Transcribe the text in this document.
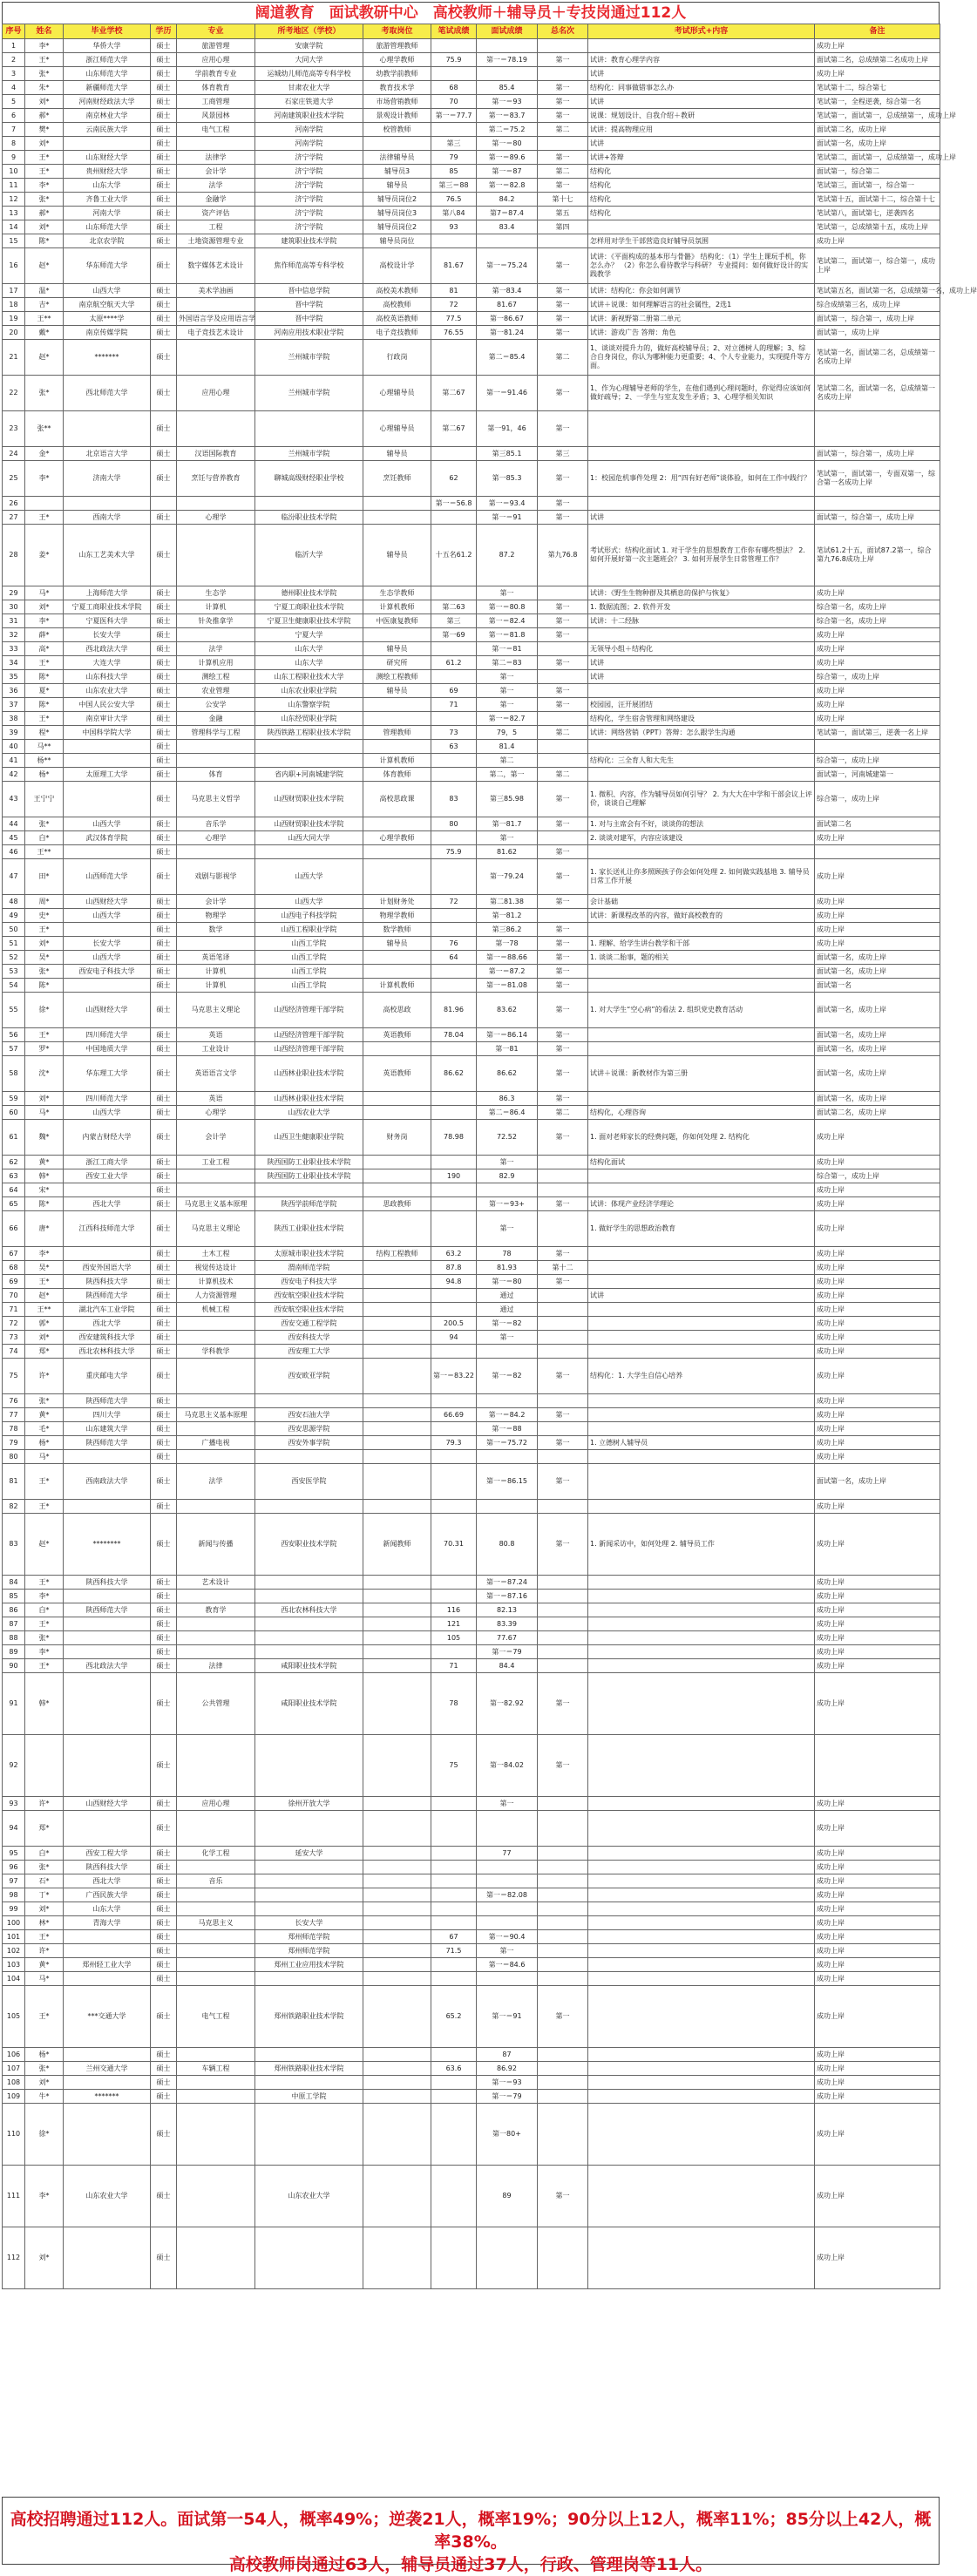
阔道教育　面试教研中心　高校教师＋辅导员＋专技岗通过112人
序号	姓名	毕业学校	学历	专业	所考地区（学校）	考取岗位	笔试成绩	面试成绩	总名次	考试形式+内容	备注
1	李*	华侨大学	硕士	旅游管理	安康学院	旅游管理教师					成功上岸
2	王*	浙江师范大学	硕士	应用心理	大同大学	心理学教师	75.9	第一＝78.19	第一	试讲：教育心理学内容	面试第二名，总成绩第二名成功上岸
3	张*	山东师范大学	硕士	学前教育专业	运城幼儿师范高等专科学校	幼教学前教师				试讲	成功上岸
4	朱*	新疆师范大学	硕士	体育教育	甘肃农业大学	教育技术学	68	85.4	第一	结构化：同事做错事怎么办	笔试第十二，综合第七
5	刘*	河南财经政法大学	硕士	工商管理	石家庄铁道大学	市场营销教师	70	第一＝93	第一	试讲	笔试第一，全程逆袭，综合第一名
6	郝*	南京林业大学	硕士	风景园林	河南建筑职业技术学院	景观设计教师	第一＝77.7	第一＝83.7	第一	说课：规划设计、自我介绍＋教研	笔试第一，面试第一，总成绩第一，成功上岸
7	樊*	云南民族大学	硕士	电气工程	河南学院	校管教师		第二＝75.2	第二	试讲：提高物理应用	面试第二名，成功上岸
8	刘*		硕士		河南学院		第三	第一＝80		试讲	面试第一名，成功上岸
9	王*	山东财经大学	硕士	法律学	济宁学院	法律辅导员	79	第一＝89.6	第一	试讲+答辩	笔试第二，面试第一，总成绩第一，成功上岸
10	王*	贵州财经大学	硕士	会计学	济宁学院	辅导员3	85	第一＝87	第二	结构化	面试第一，综合第二
11	李*	山东大学	硕士	法学	济宁学院	辅导员	第三＝88	第一＝82.8	第一	结构化	笔试第三，面试第一，综合第一
12	张*	齐鲁工业大学	硕士	金融学	济宁学院	辅导员岗位2	76.5	84.2	第十七	结构化	笔试第十五，面试第十二，综合第十七
13	郝*	河南大学	硕士	资产评估	济宁学院	辅导员岗位3	第八84	第7＝87.4	第五	结构化	笔试第八，面试第七，逆袭四名
14	刘*	山东师范大学	硕士	工程	济宁学院	辅导员岗位2	93	83.4	第四		笔试第一，总成绩第十五，成功上岸
15	陈*	北京农学院	硕士	土地资源管理专业	建筑职业技术学院	辅导员岗位				怎样用对学生干部营造良好辅导员氛围	成功上岸
16	赵*	华东师范大学	硕士	数字媒体艺术设计	焦作师范高等专科学校	高校设计学	81.67	第一＝75.24	第一	试讲：《平面构成的基本形与骨骼》 结构化：（1）学生上课玩手机，你怎么办？ （2）你怎么看待教学与科研？ 专业提问：如何做好设计的实践教学	笔试第二，面试第一，综合第一，成功上岸
17	温*	山西大学	硕士	美术学油画	晋中信息学院	高校美术教师	81	第一83.4	第一	试讲：结构化：你会如何调节	笔试第五名，面试第一名，总成绩第一名，成功上岸
18	吉*	南京航空航天大学	硕士		晋中学院	高校教师	72	81.67	第一	试讲＋说课：如何理解语言的社会属性，2选1	综合成绩第三名，成功上岸
19	王**	太原****学	硕士	外国语言学及应用语言学	晋中学院	高校英语教师	77.5	第一86.67	第一	试讲：新视野第二册第二单元	面试第一，综合第一，成功上岸
20	戴*	南京传媒学院	硕士	电子竞技艺术设计	河南应用技术职业学院	电子竞技教师	76.55	第一81.24	第一	试讲：游戏广告 答辩：角色	面试第一，成功上岸
21	赵*	*******	硕士		兰州城市学院	行政岗		第二＝85.4	第二	1、谈谈对提升力的，做好高校辅导员；2、对立德树人的理解；3、综合自身岗位，你认为哪种能力更重要；4、个人专业能力，实现提升等方面。	笔试第一名，面试第二名，总成绩第一名成功上岸
22	张*	西北师范大学	硕士	应用心理	兰州城市学院	心理辅导员	第二67	第一＝91.46	第一	1、作为心理辅导老师的学生，在他们遇到心理问题时，你觉得应该如何做好疏导；2、一学生与室友发生矛盾；3、心理学相关知识	笔试第二名，面试第一名，总成绩第一名成功上岸
23	张**		硕士			心理辅导员	第二67	第一91，46	第一		
24	金*	北京语言大学	硕士	汉语国际教育	兰州城市学院	辅导员		第三85.1	第三		面试第一，综合第一，成功上岸
25	李*	济南大学	硕士	烹饪与营养教育	聊城高级财经职业学校	烹饪教师	62	第一85.3	第一	1：校园危机事件处理 2：用“四有好老师”谈体验，如何在工作中践行？	笔试第一，面试第一，专面双第一，综合第一名成功上岸
26							第一＝56.8	第一＝93.4	第一		
27	王*	西南大学	硕士	心理学	临汾职业技术学院			第一＝91	第一	试讲	面试第一，综合第一，成功上岸
28	姜*	山东工艺美术大学	硕士		临沂大学	辅导员	十五名61.2	87.2	第九76.8	考试形式：结构化面试 1. 对于学生的思想教育工作你有哪些想法？ 2. 如何开展好第一次主题班会？ 3. 如何开展学生日常管理工作？	笔试61.2十五，面试87.2第一，综合第九76.8成功上岸
29	马*	上海师范大学	硕士	生态学	德州职业技术学院	生态学教师		第一		试讲：《野生生物种群及其栖息的保护与恢复》	成功上岸
30	刘*	宁夏工商职业技术学院	硕士	计算机	宁夏工商职业技术学院	计算机教师	第二63	第一＝80.8	第一	1. 数据流图；2. 软件开发	综合第一名，成功上岸
31	李*	宁夏医科大学	硕士	针灸推拿学	宁夏卫生健康职业技术学院	中医康复教师	第三	第一＝82.4	第一	试讲：十二经脉	综合第一名，成功上岸
32	薛*	长安大学	硕士		宁夏大学		第一69	第一＝81.8	第一		成功上岸
33	高*	西北政法大学	硕士	法学	山东大学	辅导员		第一＝81		无领导小组＋结构化	成功上岸
34	王*	大连大学	硕士	计算机应用	山东大学	研究所	61.2	第二＝83	第一	试讲	成功上岸
35	陈*	山东科技大学	硕士	测绘工程	山东工程职业技术大学	测绘工程教师		第一		试讲	综合第一，成功上岸
36	夏*	山东农业大学	硕士	农业管理	山东农业职业学院	辅导员	69	第一	第一		成功上岸
37	陈*	中国人民公安大学	硕士	公安学	山东警察学院		71	第一	第一	校园园，汪开展团结	成功上岸
38	王*	南京审计大学	硕士	金融	山东经贸职业学院			第一＝82.7		结构化，学生宿舍管理和网络建设	成功上岸
39	程*	中国科学院大学	硕士	管理科学与工程	陕西铁路工程职业技术学院	管理教师	73	79，5	第二	试讲：网络营销（PPT）答辩：怎么跟学生沟通	笔试第一，面试第三，逆袭一名上岸
40	马**		硕士				63	81.4			
41	杨**		硕士			计算机教师		第二		结构化：三全育人和大先生	综合第一，成功上岸
42	杨*	太原理工大学	硕士	体育	省内职+河南城建学院	体育教师		第二，第一	第二		面试第一，河南城建第一
43	王宁宁		硕士	马克思主义哲学	山西财贸职业技术学院	高校思政课	83	第三85.98	第一	1. 微积、内容，作为辅导员如何引导？ 2. 为大大在中学和干部会议上评价，谈谈自己理解	综合第一，成功上岸
44	张*	山西大学	硕士	音乐学	山西财贸职业技术学院		80	第一81.7	第一	1. 对与主席会有不好，谈谈你的想法	面试第二名
45	白*	武汉体育学院	硕士	心理学	山西大同大学	心理学教师		第一		2. 谈谈对建军，内容应该建设	成功上岸
46	王**		硕士				75.9	81.62	第一		
47	田*	山西师范大学	硕士	戏剧与影视学	山西大学			第一79.24	第一	1. 家长送礼让你多照顾孩子你会如何处理 2. 如何做实践基地 3. 辅导员日常工作开展	成功上岸
48	周*	山西财经大学	硕士	会计学	山西大学	计划财务处	72	第二81.38	第一	会计基础	成功上岸
49	史*	山西大学	硕士	物理学	山西电子科技学院	物理学教师		第一81.2		试讲：新课程改革的内容，做好高校教育的	成功上岸
50	王*		硕士	数学	山西工程职业学院	数学教师		第三86.2	第一		成功上岸
51	刘*	长安大学	硕士		山西工学院	辅导员	76	第一78	第一	1. 理解、给学生讲台教学和干部	成功上岸
52	吴*	山西大学	硕士	英语笔译	山西工学院		64	第一＝88.66	第一	1. 谈谈二胎事，题的相关	面试第一名，成功上岸
53	张*	西安电子科技大学	硕士	计算机	山西工学院			第一＝87.2	第一		面试第一名，成功上岸
54	陈*		硕士	计算机	山西工学院	计算机教师		第一＝81.08	第一		面试第一名
55	徐*	山西财经大学	硕士	马克思主义理论	山西经济管理干部学院	高校思政	81.96	83.62	第一	1. 对大学生“空心病”的看法 2. 组织党史教育活动	面试第一名，成功上岸
56	王*	四川师范大学	硕士	英语	山西经济管理干部学院	英语教师	78.04	第一＝86.14	第一		面试第一名，成功上岸
57	罗*	中国地质大学	硕士	工业设计	山西经济管理干部学院			第一81	第一		面试第一名，成功上岸
58	沈*	华东理工大学	硕士	英语语言文学	山西林业职业技术学院	英语教师	86.62	86.62	第一	试讲＋说课：新教材作为第三册	面试第一名，成功上岸
59	刘*	四川师范大学	硕士	英语	山西林业职业技术学院			86.3	第一		面试第一名，成功上岸
60	马*	山西大学	硕士	心理学	山西农业大学			第二＝86.4	第二	结构化，心理咨询	面试第二名，成功上岸
61	魏*	内蒙古财经大学	硕士	会计学	山西卫生健康职业学院	财务岗	78.98	72.52	第一	1. 面对老师家长的经费问题，你如何处理 2. 结构化	成功上岸
62	黄*	浙江工商大学	硕士	工业工程	陕西国防工业职业技术学院			第一		结构化面试	成功上岸
63	韩*	西安工业大学	硕士		陕西国防工业职业技术学院		190	82.9			综合第一，成功上岸
64	宋*		硕士								成功上岸
65	陈*	西北大学	硕士	马克思主义基本原理	陕西学前师范学院	思政教师		第一＝93+	第一	试讲：体现产业经济学理论	成功上岸
66	唐*	江西科技师范大学	硕士	马克思主义理论	陕西工业职业技术学院			第一		1. 做好学生的思想政治教育	成功上岸
67	李*		硕士	土木工程	太原城市职业技术学院	结构工程教师	63.2	78	第一		成功上岸
68	吴*	西安外国语大学	硕士	视觉传达设计	渭南师范学院		87.8	81.93	第十二		成功上岸
69	王*	陕西科技大学	硕士	计算机技术	西安电子科技大学		94.8	第一＝80	第一		成功上岸
70	赵*	陕西师范大学	硕士	人力资源管理	西安航空职业技术学院			通过		试讲	成功上岸
71	王**	湖北汽车工业学院	硕士	机械工程	西安航空职业技术学院			通过			成功上岸
72	郭*	西北大学	硕士		西安交通工程学院		200.5	第一＝82			成功上岸
73	刘*	西安建筑科技大学	硕士		西安科技大学		94	第一			成功上岸
74	郑*	西北农林科技大学	硕士	学科教学	西安理工大学						成功上岸
75	许*	重庆邮电大学	硕士		西安欧亚学院		第一＝83.22	第一＝82	第一	结构化：1. 大学生自信心培养	成功上岸
76	张*	陕西师范大学	硕士								成功上岸
77	黄*	四川大学	硕士	马克思主义基本原理	西安石油大学		66.69	第一＝84.2	第一		成功上岸
78	毛*	山东建筑大学	硕士		西安思源学院			第一＝88			成功上岸
79	杨*	陕西师范大学	硕士	广播电视	西安外事学院		79.3	第一＝75.72	第一	1. 立德树人辅导员	成功上岸
80	马*		硕士								成功上岸
81	王*	西南政法大学	硕士	法学	西安医学院			第一＝86.15	第一		面试第一名，成功上岸
82	王*		硕士								成功上岸
83	赵*	********	硕士	新闻与传播	西安职业技术学院	新闻教师	70.31	80.8	第一	1. 新闻采访中，如何处理 2. 辅导员工作	成功上岸
84	王*	陕西科技大学	硕士	艺术设计				第一＝87.24			成功上岸
85	李*		硕士					第一＝87.16			成功上岸
86	白*	陕西师范大学	硕士	教育学	西北农林科技大学		116	82.13			成功上岸
87	王*		硕士				121	83.39			成功上岸
88	张*		硕士				105	77.67			成功上岸
89	李*		硕士					第一＝79			成功上岸
90	王*	西北政法大学	硕士	法律	咸阳职业技术学院		71	84.4			成功上岸
91	韩*		硕士	公共管理	咸阳职业技术学院		78	第一82.92	第一		成功上岸
92			硕士				75	第一84.02	第一		
93	许*	山西财经大学	硕士	应用心理	徐州开放大学			第一			成功上岸
94	郑*		硕士								成功上岸
95	白*	西安工程大学	硕士	化学工程	延安大学			77			成功上岸
96	张*	陕西科技大学	硕士								成功上岸
97	石*	西北大学	硕士	音乐							成功上岸
98	丁*	广西民族大学	硕士					第一＝82.08			成功上岸
99	刘*	山东大学	硕士								成功上岸
100	林*	青海大学	硕士	马克思主义	长安大学						成功上岸
101	王*		硕士		郑州师范学院		67	第一＝90.4			成功上岸
102	许*		硕士		郑州师范学院		71.5	第一			成功上岸
103	黄*	郑州轻工业大学	硕士		郑州工业应用技术学院			第一＝84.6			成功上岸
104	马*		硕士								成功上岸
105	王*	***交通大学	硕士	电气工程	郑州铁路职业技术学院		65.2	第一＝91	第一		成功上岸
106	杨*		硕士					87			成功上岸
107	张*	兰州交通大学	硕士	车辆工程	郑州铁路职业技术学院		63.6	86.92			成功上岸
108	刘*		硕士					第一＝93			成功上岸
109	牛*	*******	硕士		中原工学院			第一＝79			成功上岸
110	徐*		硕士					第一80+			成功上岸
111	李*	山东农业大学	硕士		山东农业大学			89	第一		成功上岸
112	刘*		硕士								成功上岸
高校招聘通过112人。面试第一54人，概率49%；逆袭21人，概率19%；90分以上12人，概率11%；85分以上42人，概率38%。
高校教师岗通过63人，辅导员通过37人，行政、管理岗等11人。
